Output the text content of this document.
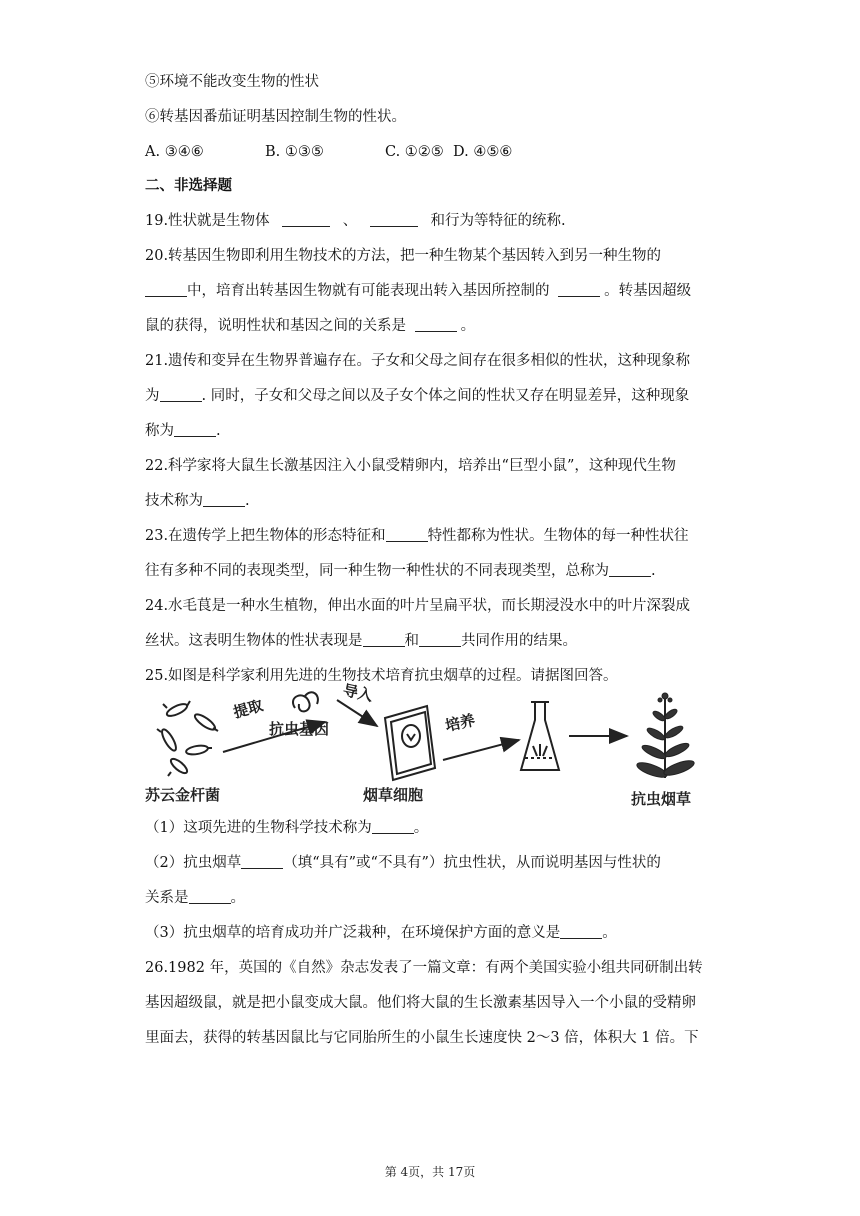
⑤环境不能改变生物的性状
⑥转基因番茄证明基因控制生物的性状。
A. ③④⑥	B. ①③⑤	C. ①②⑤ D. ④⑤⑥
二、非选择题
19.性状就是生物体	、	和行为等特征的统称.
20.转基因生物即利用生物技术的方法，把一种生物某个基因转入到另一种生物的
中，培育出转基因生物就有可能表现出转入基因所控制的	。转基因超级
鼠的获得，说明性状和基因之间的关系是	。
21.遗传和变异在生物界普遍存在。子女和父母之间存在很多相似的性状，这种现象称
为	. 同时，子女和父母之间以及子女个体之间的性状又存在明显差异，这种现象
称为	.
22.科学家将大鼠生长激基因注入小鼠受精卵内，培养出“巨型小鼠”，这种现代生物
技术称为	.
23.在遗传学上把生物体的形态特征和	特性都称为性状。生物体的每一种性状往
往有多种不同的表现类型，同一种生物一种性状的不同表现类型，总称为	.
24.水毛茛是一种水生植物，伸出水面的叶片呈扁平状，而长期浸没水中的叶片深裂成
丝状。这表明生物体的性状表现是	和	共同作用的结果。
25.如图是科学家利用先进的生物技术培育抗虫烟草的过程。请据图回答。
提取
抗虫基因
导入
培养
苏云金杆菌	烟草细胞	抗虫烟草
（1）这项先进的生物科学技术称为	。
（2）抗虫烟草	（填“具有”或“不具有”）抗虫性状，从而说明基因与性状的
关系是	。
（3）抗虫烟草的培育成功并广泛栽种，在环境保护方面的意义是	。
26.1982 年，英国的《自然》杂志发表了一篇文章：有两个美国实验小组共同研制出转
基因超级鼠，就是把小鼠变成大鼠。他们将大鼠的生长激素基因导入一个小鼠的受精卵
里面去，获得的转基因鼠比与它同胎所生的小鼠生长速度快 2～3 倍，体积大 1 倍。下
第 4页，共 17页
